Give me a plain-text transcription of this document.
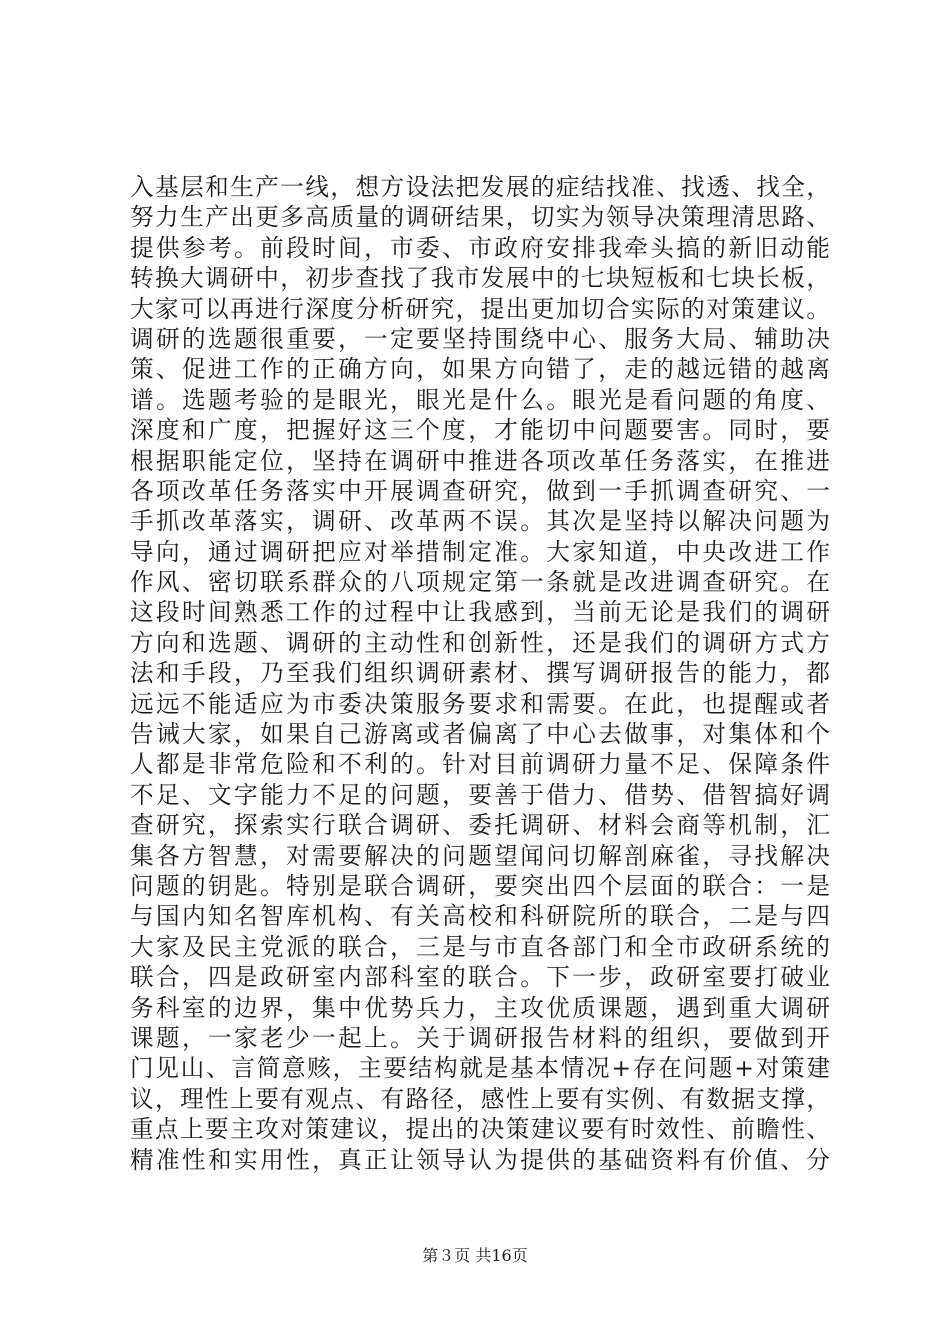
入基层和生产一线，想方设法把发展的症结找准、找透、找全，
努力生产出更多高质量的调研结果，切实为领导决策理清思路、
提供参考。前段时间，市委、市政府安排我牵头搞的新旧动能
转换大调研中，初步查找了我市发展中的七块短板和七块长板，
大家可以再进行深度分析研究，提出更加切合实际的对策建议。
调研的选题很重要，一定要坚持围绕中心、服务大局、辅助决
策、促进工作的正确方向，如果方向错了，走的越远错的越离
谱。选题考验的是眼光，眼光是什么。眼光是看问题的角度、
深度和广度，把握好这三个度，才能切中问题要害。同时，要
根据职能定位，坚持在调研中推进各项改革任务落实，在推进
各项改革任务落实中开展调查研究，做到一手抓调查研究、一
手抓改革落实，调研、改革两不误。其次是坚持以解决问题为
导向，通过调研把应对举措制定准。大家知道，中央改进工作
作风、密切联系群众的八项规定第一条就是改进调查研究。在
这段时间熟悉工作的过程中让我感到，当前无论是我们的调研
方向和选题、调研的主动性和创新性，还是我们的调研方式方
法和手段，乃至我们组织调研素材、撰写调研报告的能力，都
远远不能适应为市委决策服务要求和需要。在此，也提醒或者
告诫大家，如果自己游离或者偏离了中心去做事，对集体和个
人都是非常危险和不利的。针对目前调研力量不足、保障条件
不足、文字能力不足的问题，要善于借力、借势、借智搞好调
查研究，探索实行联合调研、委托调研、材料会商等机制，汇
集各方智慧，对需要解决的问题望闻问切解剖麻雀，寻找解决
问题的钥匙。特别是联合调研，要突出四个层面的联合：一是
与国内知名智库机构、有关高校和科研院所的联合，二是与四
大家及民主党派的联合，三是与市直各部门和全市政研系统的
联合，四是政研室内部科室的联合。下一步，政研室要打破业
务科室的边界，集中优势兵力，主攻优质课题，遇到重大调研
课题，一家老少一起上。关于调研报告材料的组织，要做到开
门见山、言简意赅，主要结构就是基本情况+存在问题+对策建
议，理性上要有观点、有路径，感性上要有实例、有数据支撑，
重点上要主攻对策建议，提出的决策建议要有时效性、前瞻性、
精准性和实用性，真正让领导认为提供的基础资料有价值、分
第３页 共16页
